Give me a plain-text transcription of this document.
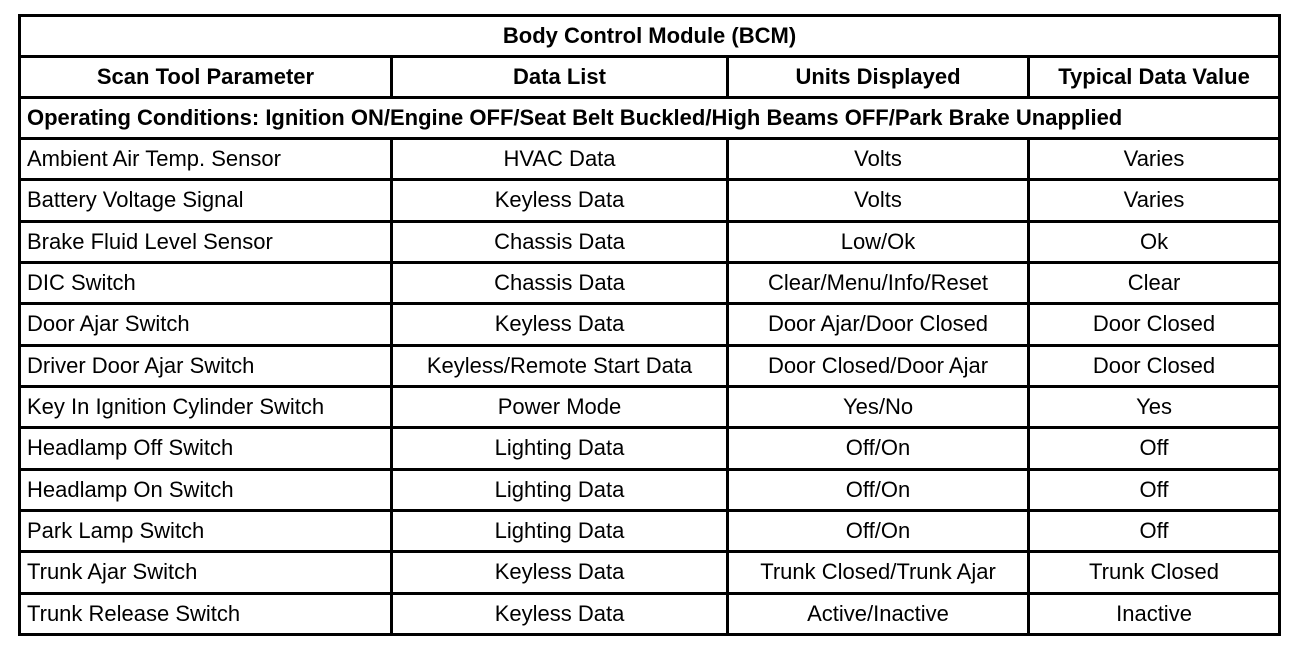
Body Control Module (BCM)			
Scan Tool Parameter	Data List	Units Displayed	Typical Data Value
Operating Conditions: Ignition ON/Engine OFF/Seat Belt Buckled/High Beams OFF/Park Brake Unapplied			
Ambient Air Temp. Sensor	HVAC Data	Volts	Varies
Battery Voltage Signal	Keyless Data	Volts	Varies
Brake Fluid Level Sensor	Chassis Data	Low/Ok	Ok
DIC Switch	Chassis Data	Clear/Menu/Info/Reset	Clear
Door Ajar Switch	Keyless Data	Door Ajar/Door Closed	Door Closed
Driver Door Ajar Switch	Keyless/Remote Start Data	Door Closed/Door Ajar	Door Closed
Key In Ignition Cylinder Switch	Power Mode	Yes/No	Yes
Headlamp Off Switch	Lighting Data	Off/On	Off
Headlamp On Switch	Lighting Data	Off/On	Off
Park Lamp Switch	Lighting Data	Off/On	Off
Trunk Ajar Switch	Keyless Data	Trunk Closed/Trunk Ajar	Trunk Closed
Trunk Release Switch	Keyless Data	Active/Inactive	Inactive
